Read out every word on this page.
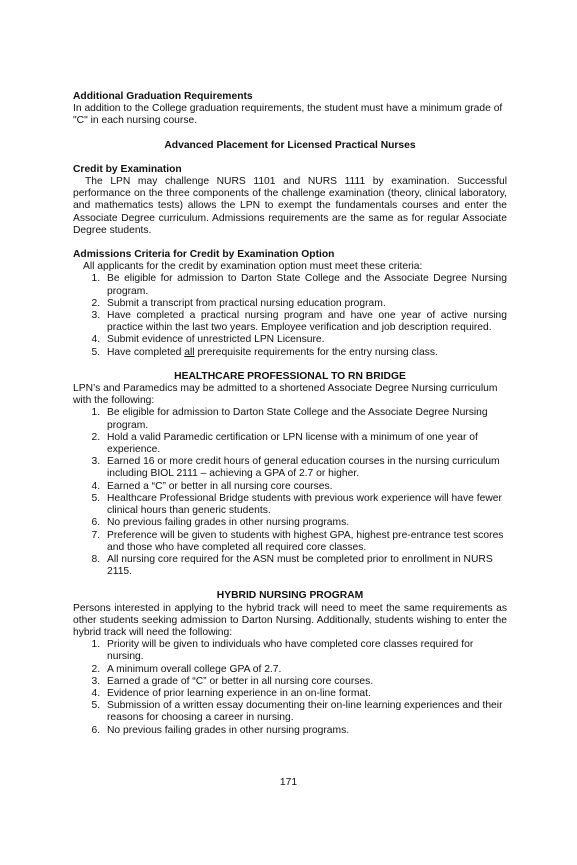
Additional Graduation Requirements

In addition to the College graduation requirements, the student must have a minimum grade of "C" in each nursing course.

Advanced Placement for Licensed Practical Nurses
Credit by Examination

The LPN may challenge NURS 1101 and NURS 1111 by examination. Successful performance on the three components of the challenge examination (theory, clinical laboratory, and mathematics tests) allows the LPN to exempt the fundamentals courses and enter the Associate Degree curriculum. Admissions requirements are the same as for regular Associate Degree students.

Admissions Criteria for Credit by Examination Option

All applicants for the credit by examination option must meet these criteria:

1. Be eligible for admission to Darton State College and the Associate Degree Nursing program.
2. Submit a transcript from practical nursing education program.
3. Have completed a practical nursing program and have one year of active nursing practice within the last two years. Employee verification and job description required.
4. Submit evidence of unrestricted LPN Licensure.
5. Have completed all prerequisite requirements for the entry nursing class.
HEALTHCARE PROFESSIONAL TO RN BRIDGE

LPN’s and Paramedics may be admitted to a shortened Associate Degree Nursing curriculum with the following:

1. Be eligible for admission to Darton State College and the Associate Degree Nursing program.
2. Hold a valid Paramedic certification or LPN license with a minimum of one year of experience.
3. Earned 16 or more credit hours of general education courses in the nursing curriculum including BIOL 2111 – achieving a GPA of 2.7 or higher.
4. Earned a “C” or better in all nursing core courses.
5. Healthcare Professional Bridge students with previous work experience will have fewer clinical hours than generic students.
6. No previous failing grades in other nursing programs.
7. Preference will be given to students with highest GPA, highest pre-entrance test scores and those who have completed all required core classes.
8. All nursing core required for the ASN must be completed prior to enrollment in NURS 2115.
HYBRID NURSING PROGRAM

Persons interested in applying to the hybrid track will need to meet the same requirements as other students seeking admission to Darton Nursing. Additionally, students wishing to enter the hybrid track will need the following:

1. Priority will be given to individuals who have completed core classes required for nursing.
2. A minimum overall college GPA of 2.7.
3. Earned a grade of “C” or better in all nursing core courses.
4. Evidence of prior learning experience in an on-line format.
5. Submission of a written essay documenting their on-line learning experiences and their reasons for choosing a career in nursing.
6. No previous failing grades in other nursing programs.
171
